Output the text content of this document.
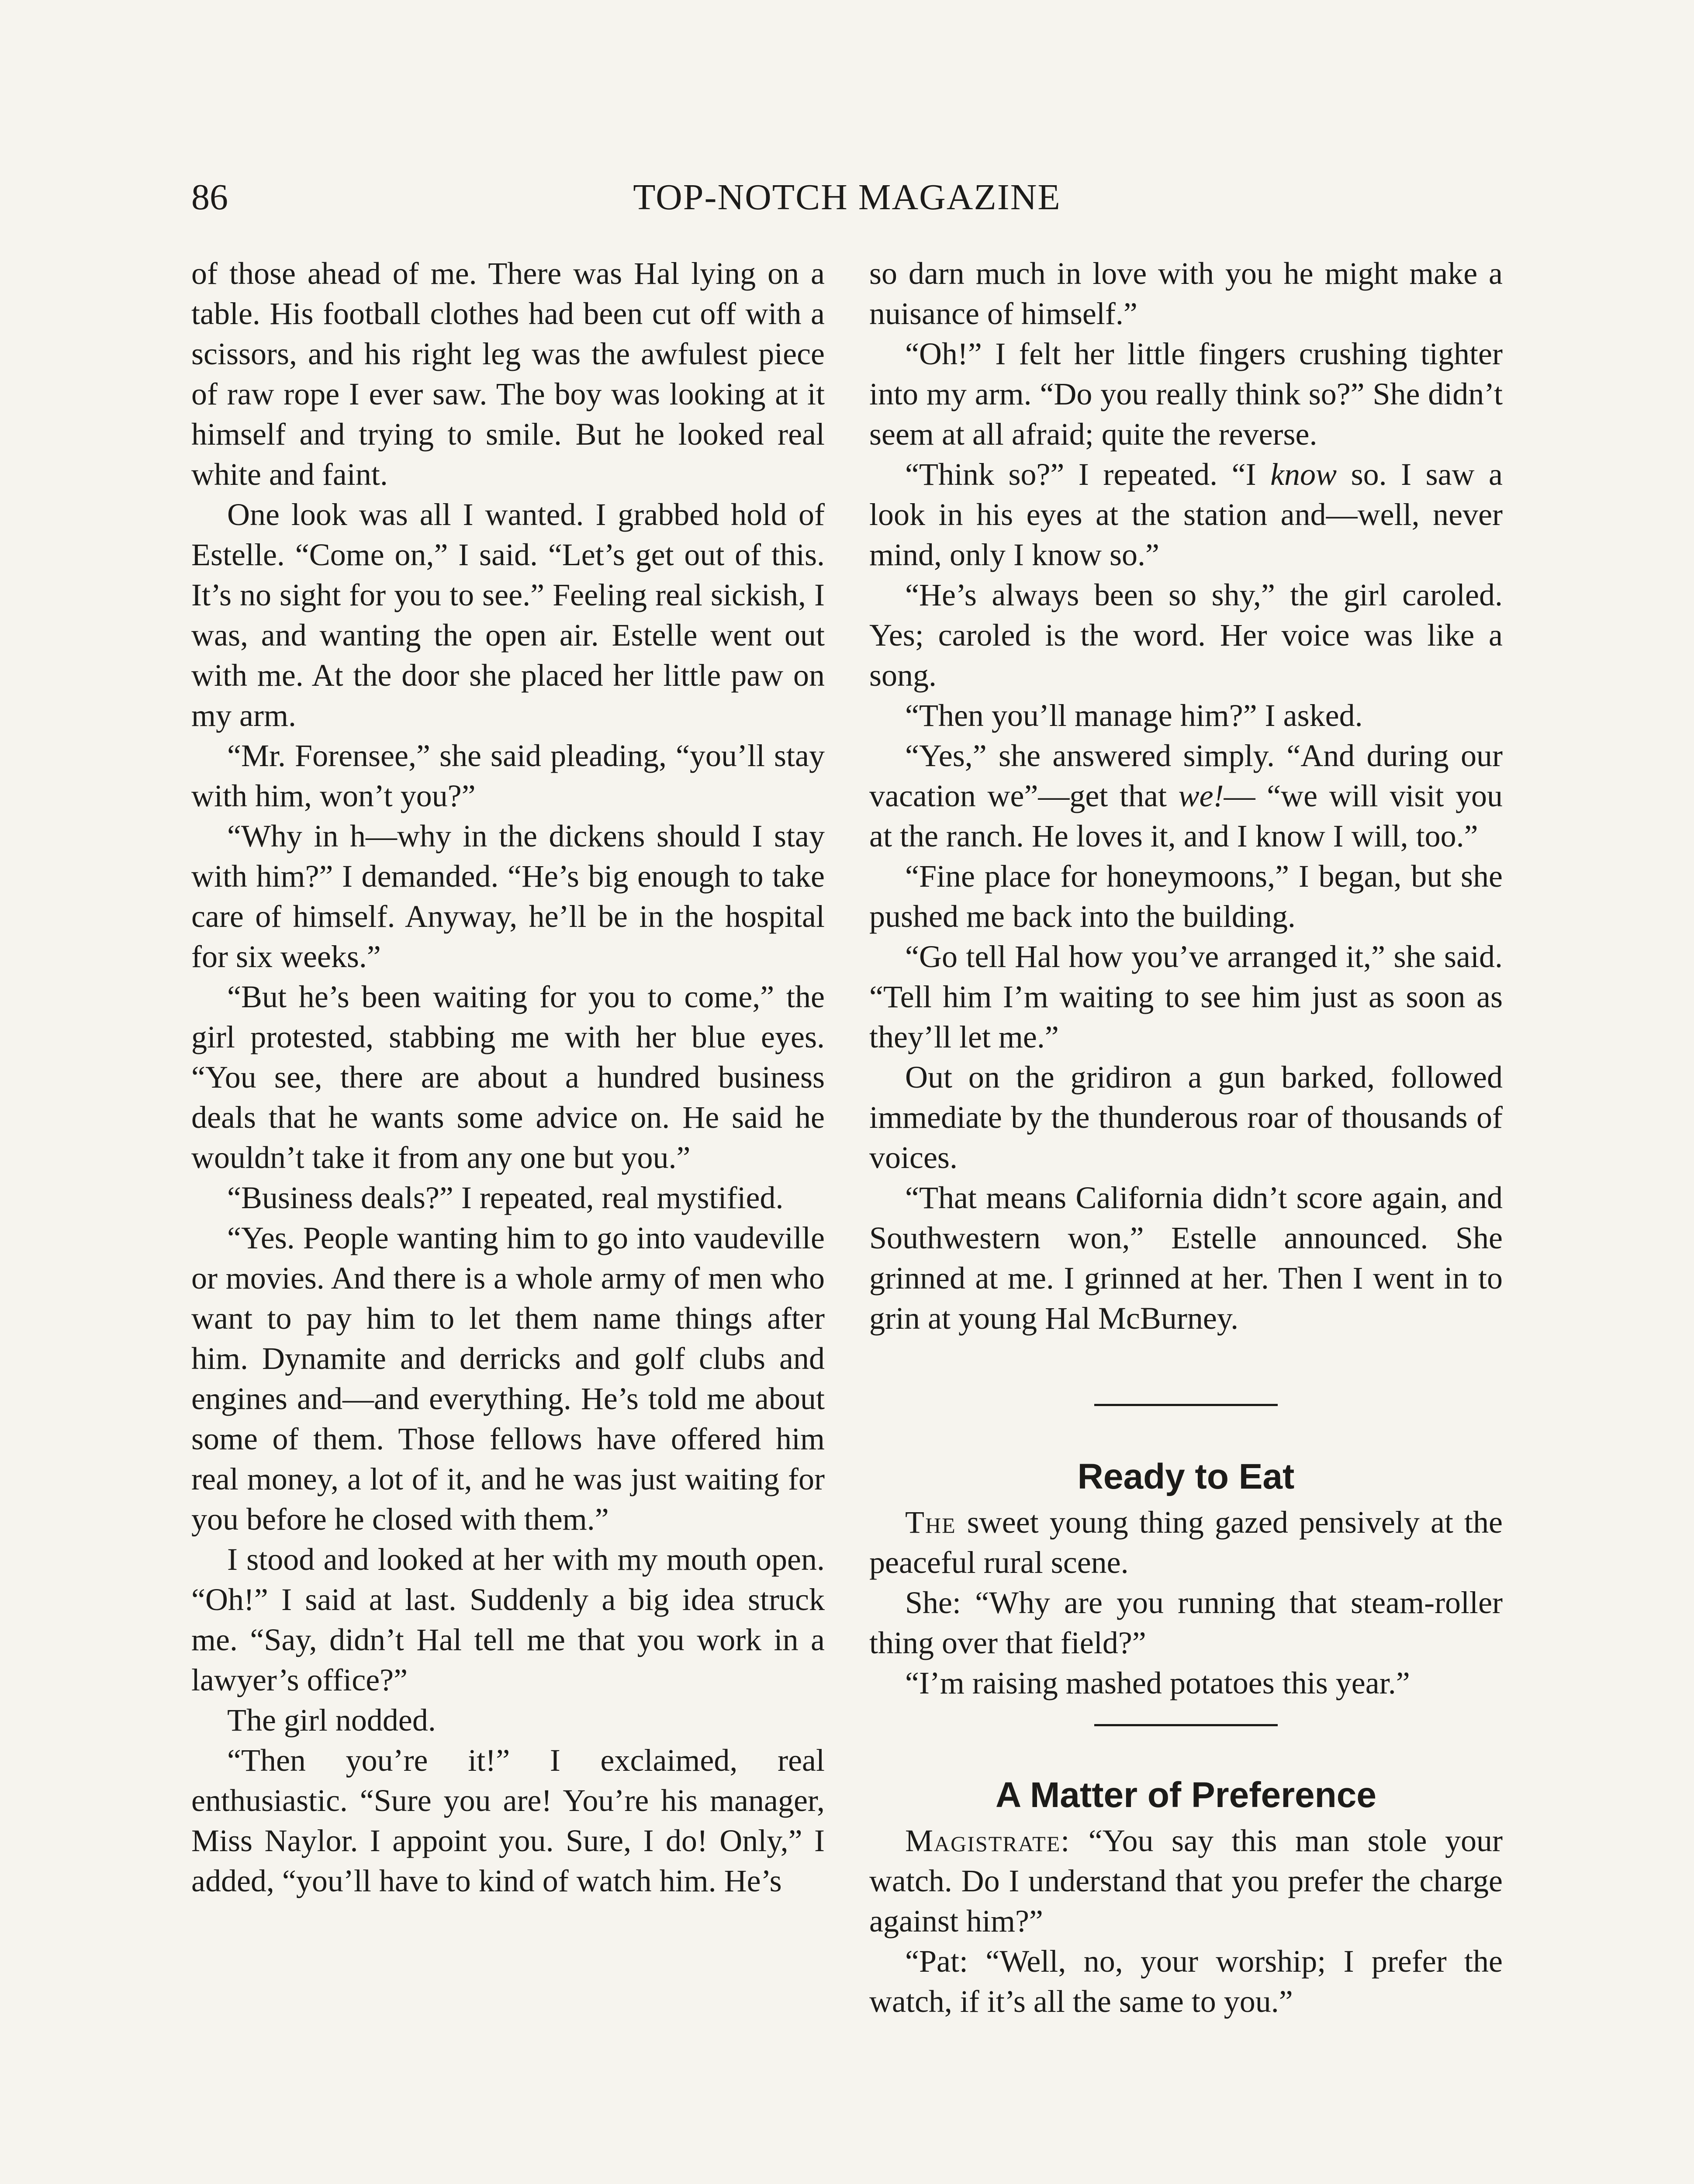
86	TOP-NOTCH MAGAZINE

of those ahead of me. There was Hal lying on a table. His football clothes had been cut off with a scissors, and his right leg was the awfulest piece of raw rope I ever saw. The boy was looking at it himself and trying to smile. But he looked real white and faint.

One look was all I wanted. I grabbed hold of Estelle. “Come on,” I said. “Let’s get out of this. It’s no sight for you to see.” Feeling real sickish, I was, and wanting the open air. Estelle went out with me. At the door she placed her little paw on my arm.

“Mr. Forensee,” she said pleading, “you’ll stay with him, won’t you?”

“Why in h—why in the dickens should I stay with him?” I demanded. “He’s big enough to take care of himself. Anyway, he’ll be in the hospital for six weeks.”

“But he’s been waiting for you to come,” the girl protested, stabbing me with her blue eyes. “You see, there are about a hundred business deals that he wants some advice on. He said he wouldn’t take it from any one but you.”

“Business deals?” I repeated, real mystified.

“Yes. People wanting him to go into vaudeville or movies. And there is a whole army of men who want to pay him to let them name things after him. Dynamite and derricks and golf clubs and engines and—and everything. He’s told me about some of them. Those fellows have offered him real money, a lot of it, and he was just waiting for you before he closed with them.”

I stood and looked at her with my mouth open. “Oh!” I said at last. Suddenly a big idea struck me. “Say, didn’t Hal tell me that you work in a lawyer’s office?”

The girl nodded.

“Then you’re it!” I exclaimed, real enthusiastic. “Sure you are! You’re his manager, Miss Naylor. I appoint you. Sure, I do! Only,” I added, “you’ll have to kind of watch him. He’s

so darn much in love with you he might make a nuisance of himself.”

“Oh!” I felt her little fingers crushing tighter into my arm. “Do you really think so?” She didn’t seem at all afraid; quite the reverse.

“Think so?” I repeated. “I know so. I saw a look in his eyes at the station and—well, never mind, only I know so.”

“He’s always been so shy,” the girl caroled. Yes; caroled is the word. Her voice was like a song.

“Then you’ll manage him?” I asked.

“Yes,” she answered simply. “And during our vacation we”—get that we!— “we will visit you at the ranch. He loves it, and I know I will, too.”

“Fine place for honeymoons,” I began, but she pushed me back into the building.

“Go tell Hal how you’ve arranged it,” she said. “Tell him I’m waiting to see him just as soon as they’ll let me.”

Out on the gridiron a gun barked, followed immediate by the thunderous roar of thousands of voices.

“That means California didn’t score again, and Southwestern won,” Estelle announced. She grinned at me. I grinned at her. Then I went in to grin at young Hal McBurney.

Ready to Eat

The sweet young thing gazed pensively at the peaceful rural scene.

She: “Why are you running that steam-roller thing over that field?”

“I’m raising mashed potatoes this year.”

A Matter of Preference

Magistrate: “You say this man stole your watch. Do I understand that you prefer the charge against him?”

“Pat: “Well, no, your worship; I prefer the watch, if it’s all the same to you.”
